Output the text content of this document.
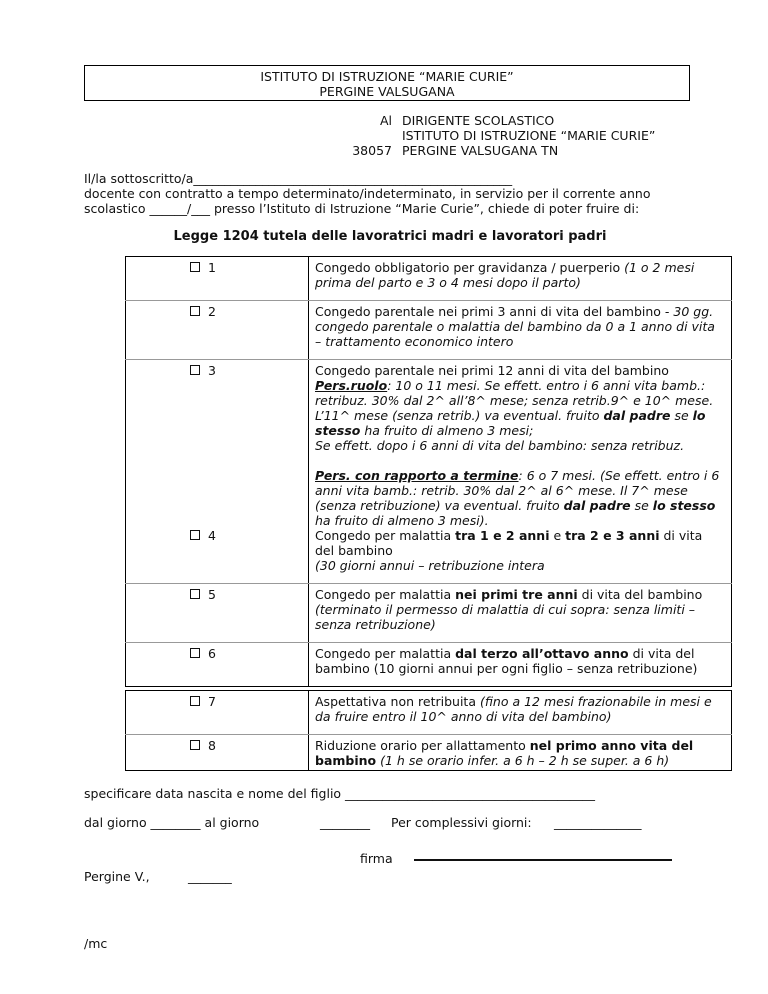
ISTITUTO DI ISTRUZIONE “MARIE CURIE”
PERGINE VALSUGANA
Al DIRIGENTE SCOLASTICO
ISTITUTO DI ISTRUZIONE “MARIE CURIE”
38057 PERGINE VALSUGANA TN
Il/la sottoscritto/a___________________________________________________
docente con contratto a tempo determinato/indeterminato, in servizio per il corrente anno
scolastico ______/___ presso l’Istituto di Istruzione “Marie Curie”, chiede di poter fruire di:
Legge 1204 tutela delle lavoratrici madri e lavoratori padri
1	Congedo obbligatorio per gravidanza / puerperio (1 o 2 mesi prima del parto e 3 o 4 mesi dopo il parto)
2	Congedo parentale nei primi 3 anni di vita del bambino - 30 gg. congedo parentale o malattia del bambino da 0 a 1 anno di vita – trattamento economico intero
3	Congedo parentale nei primi 12 anni di vita del bambino
Pers.ruolo: 10 o 11 mesi. Se effett. entro i 6 anni vita bamb.: retribuz. 30% dal 2^ all’8^ mese; senza retrib.9^ e 10^ mese. L’11^ mese (senza retrib.) va eventual. fruito dal padre se lo stesso ha fruito di almeno 3 mesi;
Se effett. dopo i 6 anni di vita del bambino: senza retribuz.
Pers. con rapporto a termine: 6 o 7 mesi. (Se effett. entro i 6 anni vita bamb.: retrib. 30% dal 2^ al 6^ mese. Il 7^ mese (senza retribuzione) va eventual. fruito dal padre se lo stesso ha fruito di almeno 3 mesi).

4	Congedo per malattia tra 1 e 2 anni e tra 2 e 3 anni di vita del bambino
(30 giorni annui – retribuzione intera

5	Congedo per malattia nei primi tre anni di vita del bambino
(terminato il permesso di malattia di cui sopra: senza limiti – senza retribuzione)

6	Congedo per malattia dal terzo all’ottavo anno di vita del bambino (10 giorni annui per ogni figlio – senza retribuzione)
7	Aspettativa non retribuita (fino a 12 mesi frazionabile in mesi e da fruire entro il 10^ anno di vita del bambino)
8	Riduzione orario per allattamento nel primo anno vita del bambino (1 h se orario infer. a 6 h – 2 h se super. a 6 h)
specificare data nascita e nome del figlio ________________________________________
dal giorno ________ al giorno	________ Per complessivi giorni: ______________
firma
Pergine V.,	_______
/mc
